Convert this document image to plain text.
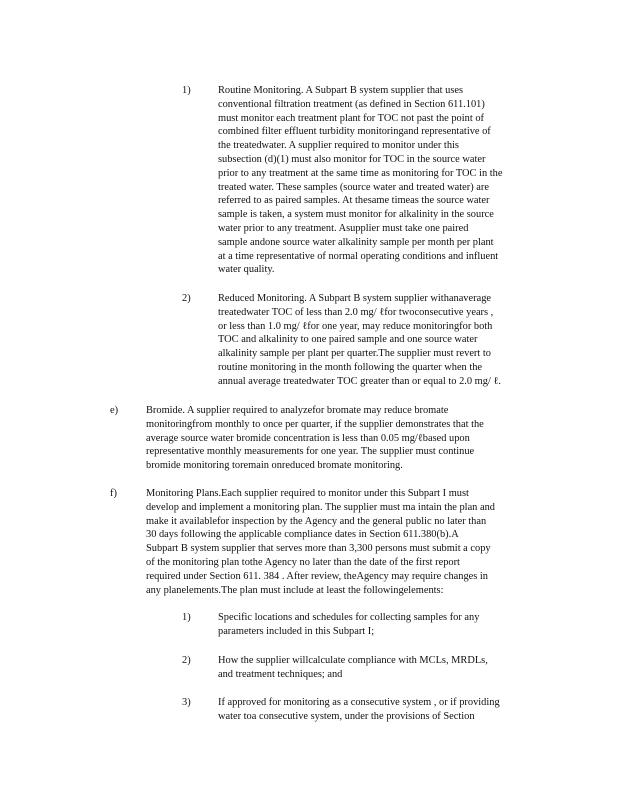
1)	Routine Monitoring. A Subpart B system supplier that uses
conventional filtration treatment (as defined in Section 611.101)
must monitor each treatment plant for TOC not past the point of
combined filter effluent turbidity monitoringand representative of
the treatedwater. A supplier required to monitor under this
subsection (d)(1) must also monitor for TOC in the source water
prior to any treatment at the same time as monitoring for TOC in the
treated water. These samples (source water and treated water) are
referred to as paired samples. At thesame timeas the source water
sample is taken, a system must monitor for alkalinity in the source
water prior to any treatment. Asupplier must take one paired
sample andone source water alkalinity sample per month per plant
at a time representative of normal operating conditions and influent
water quality.
2)	Reduced Monitoring. A Subpart B system supplier withanaverage
treatedwater TOC of less than 2.0 mg/ ℓfor twoconsecutive years ,
or less than 1.0 mg/ ℓfor one year, may reduce monitoringfor both
TOC and alkalinity to one paired sample and one source water
alkalinity sample per plant per quarter.The supplier must revert to
routine monitoring in the month following the quarter when the
annual average treatedwater TOC greater than or equal to 2.0 mg/ ℓ.
e)	Bromide. A supplier required to analyzefor bromate may reduce bromate
monitoringfrom monthly to once per quarter, if the supplier demonstrates that the
average source water bromide concentration is less than 0.05 mg/ℓbased upon
representative monthly measurements for one year. The supplier must continue
bromide monitoring toremain onreduced bromate monitoring.
f)	Monitoring Plans.Each supplier required to monitor under this Subpart I must
develop and implement a monitoring plan. The supplier must ma intain the plan and
make it availablefor inspection by the Agency and the general public no later than
30 days following the applicable compliance dates in Section 611.380(b).A
Subpart B system supplier that serves more than 3,300 persons must submit a copy
of the monitoring plan tothe Agency no later than the date of the first report
required under Section 611. 384 . After review, theAgency may require changes in
any planelements.The plan must include at least the followingelements:
1)	Specific locations and schedules for collecting samples for any
parameters included in this Subpart I;
2)	How the supplier willcalculate compliance with MCLs, MRDLs,
and treatment techniques; and
3)	If approved for monitoring as a consecutive system , or if providing
water toa consecutive system, under the provisions of Section
